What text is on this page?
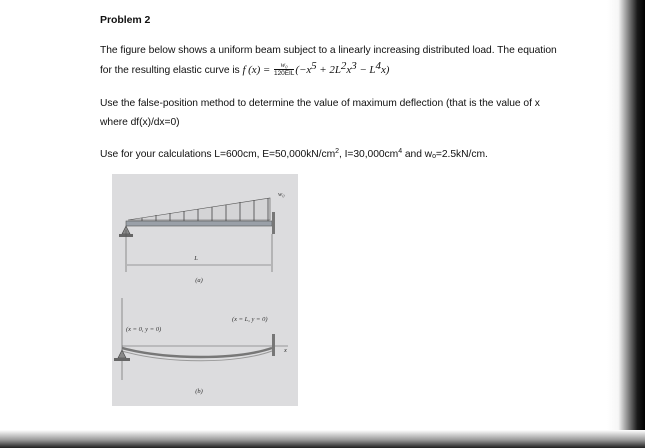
Problem 2
The figure below shows a uniform beam subject to a linearly increasing distributed load. The equation
for the resulting elastic curve is f $(x) = \frac{\text{w₀}}{\text{120EIL}} (-x^5 + 2L^2x^3 - L^4x)$
Use the false-position method to determine the value of maximum deflection (that is the value of x
where df(x)/dx=0)
Use for your calculations L=600cm, $E=50,000kN/cm^2$, $I=30,000cm^4$ and $w_o=2.5kN/cm$.
w₀
L
(a)
(x = 0, y = 0)
(x = L, y = 0)
x
(b)
